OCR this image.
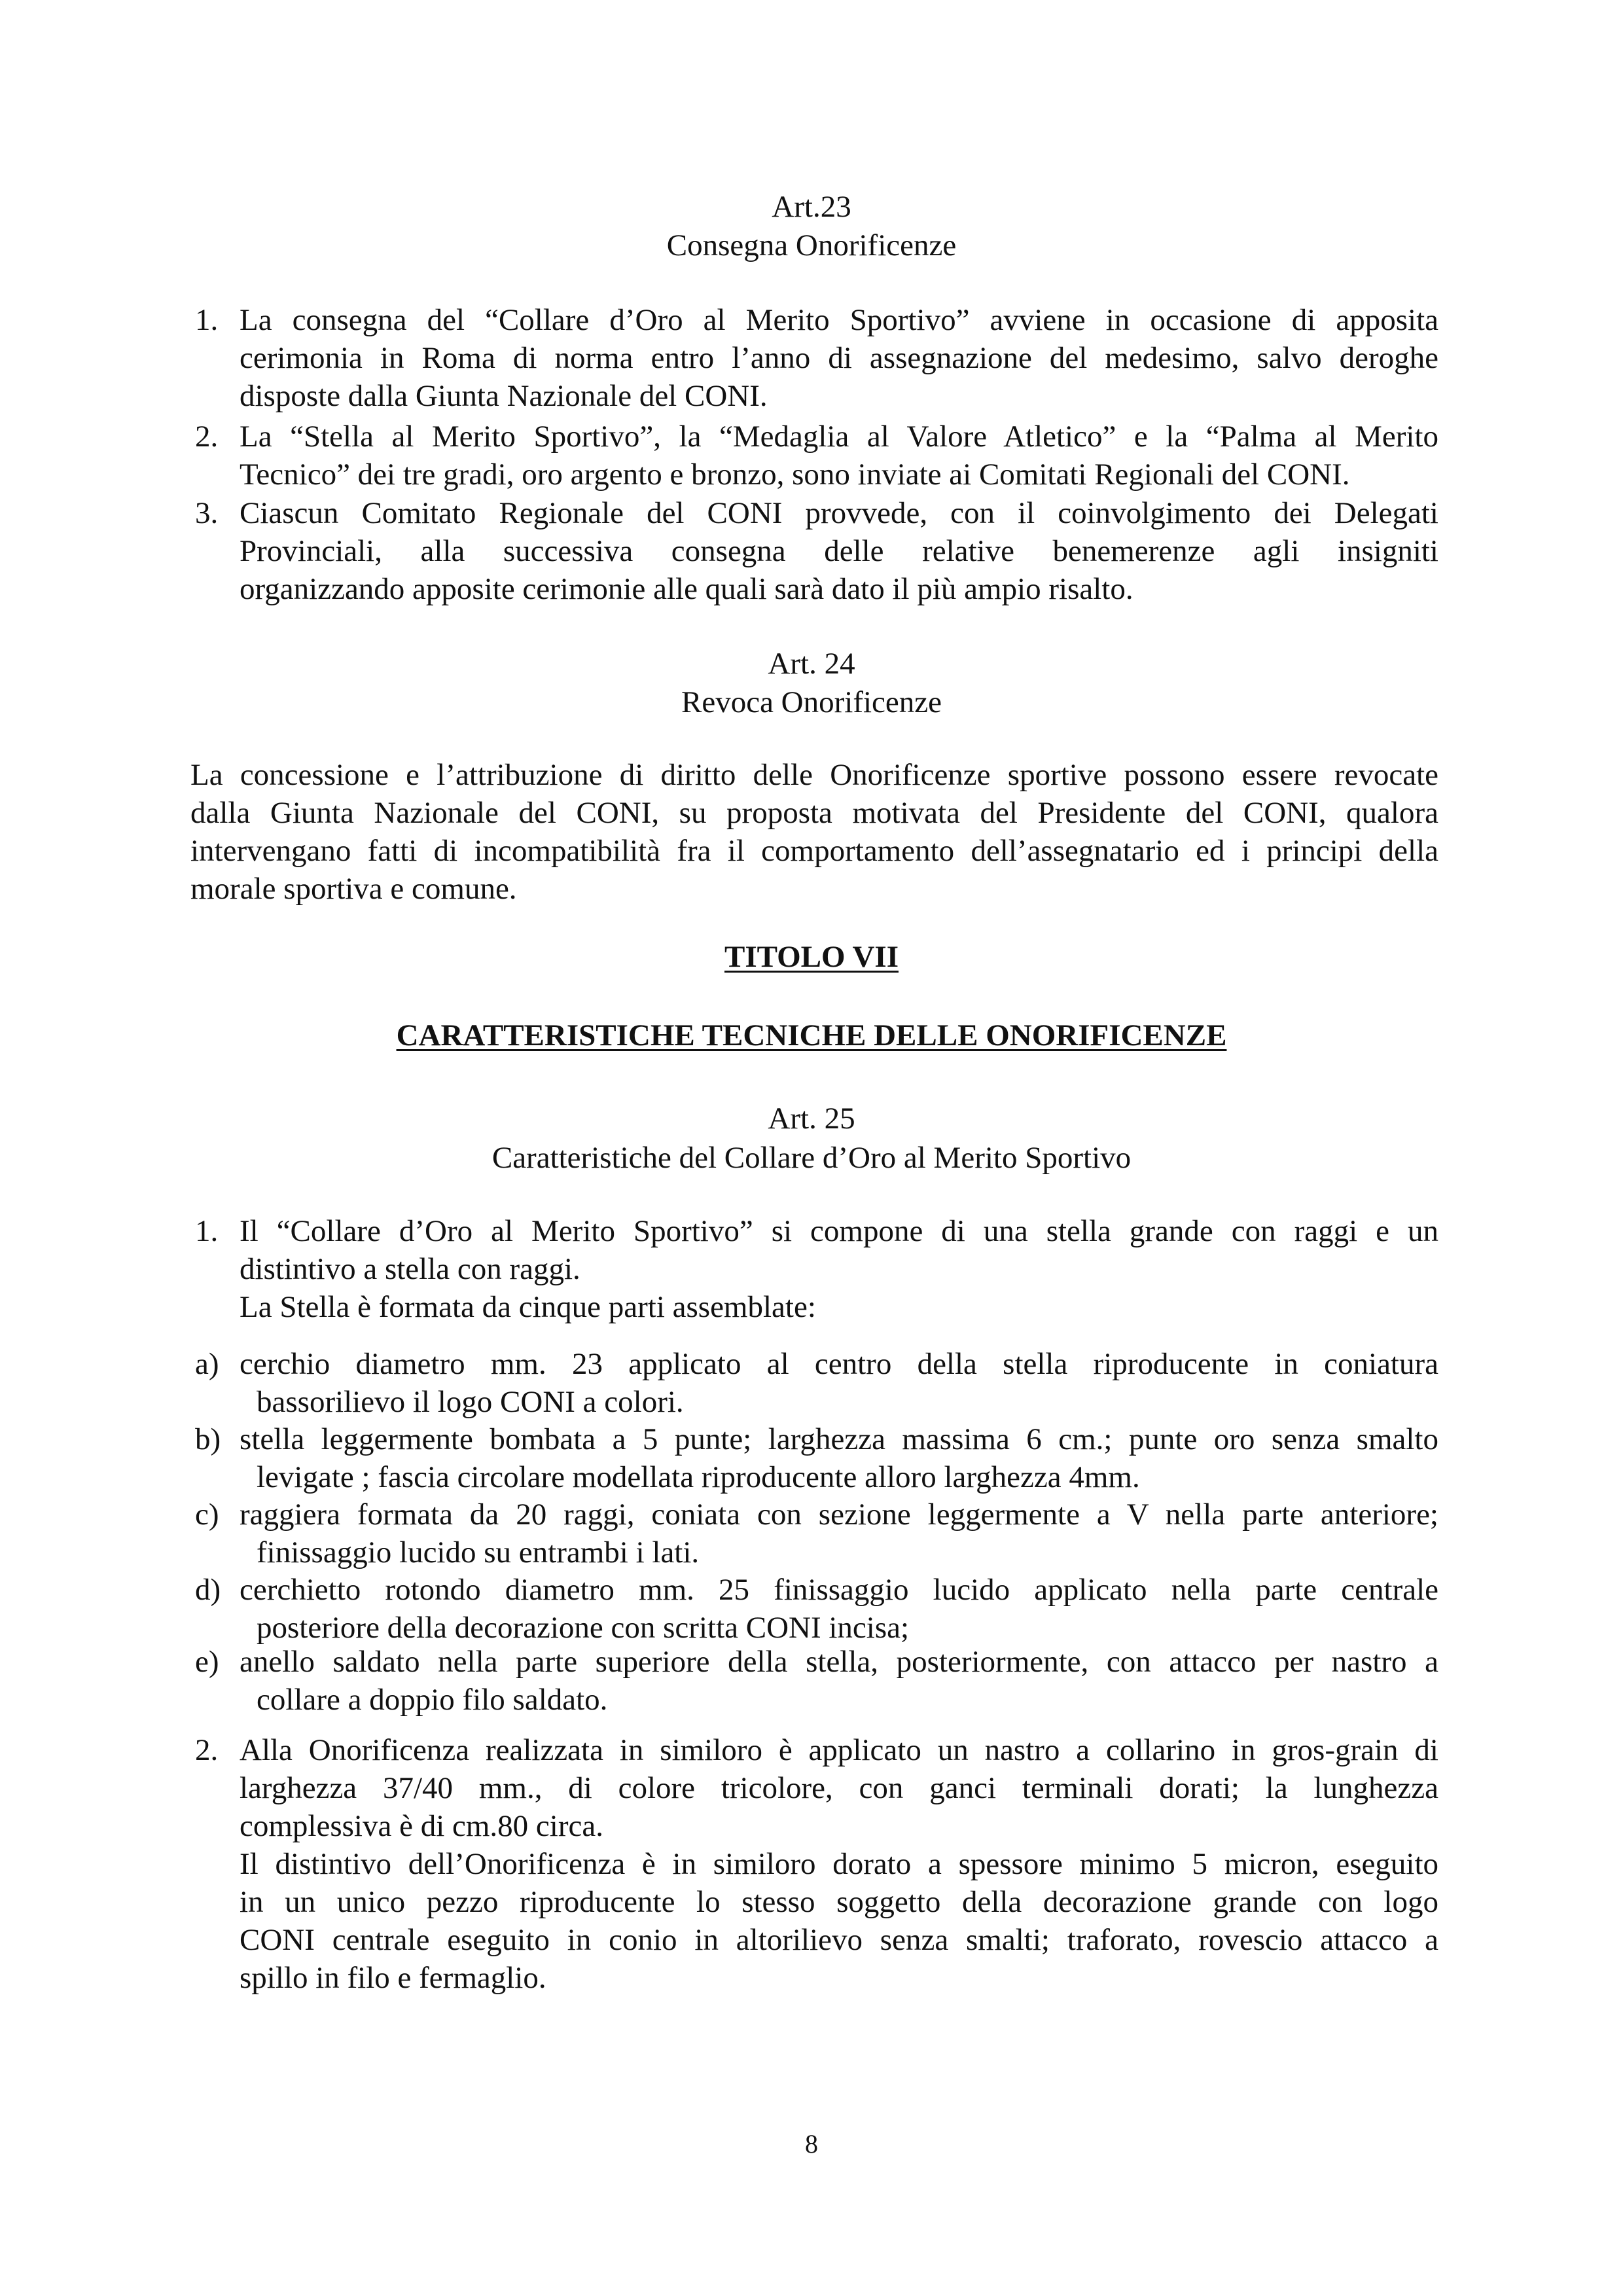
Art.23
Consegna Onorificenze
1. La consegna del “Collare d’Oro al Merito Sportivo” avviene in occasione di apposita
cerimonia in Roma di norma entro l’anno di assegnazione del medesimo, salvo deroghe
disposte dalla Giunta Nazionale del CONI.
2. La “Stella al Merito Sportivo”, la “Medaglia al Valore Atletico” e la “Palma al Merito
Tecnico” dei tre gradi, oro argento e bronzo, sono inviate ai Comitati Regionali del CONI.
3. Ciascun Comitato Regionale del CONI provvede, con il coinvolgimento dei Delegati
Provinciali, alla successiva consegna delle relative benemerenze agli insigniti
organizzando apposite cerimonie alle quali sarà dato il più ampio risalto.
Art. 24
Revoca Onorificenze
La concessione e l’attribuzione di diritto delle Onorificenze sportive possono essere revocate
dalla Giunta Nazionale del CONI, su proposta motivata del Presidente del CONI, qualora
intervengano fatti di incompatibilità fra il comportamento dell’assegnatario ed i principi della
morale sportiva e comune.
TITOLO VII
CARATTERISTICHE TECNICHE DELLE ONORIFICENZE
Art. 25
Caratteristiche del Collare d’Oro al Merito Sportivo
1. Il “Collare d’Oro al Merito Sportivo” si compone di una stella grande con raggi e un
distintivo a stella con raggi.
La Stella è formata da cinque parti assemblate:
a) cerchio diametro mm. 23 applicato al centro della stella riproducente in coniatura
bassorilievo il logo CONI a colori.
b) stella leggermente bombata a 5 punte; larghezza massima 6 cm.; punte oro senza smalto
levigate ; fascia circolare modellata riproducente alloro larghezza 4mm.
c) raggiera formata da 20 raggi, coniata con sezione leggermente a V nella parte anteriore;
finissaggio lucido su entrambi i lati.
d) cerchietto rotondo diametro mm. 25 finissaggio lucido applicato nella parte centrale
posteriore della decorazione con scritta CONI incisa;
e) anello saldato nella parte superiore della stella, posteriormente, con attacco per nastro a
collare a doppio filo saldato.
2. Alla Onorificenza realizzata in similoro è applicato un nastro a collarino in gros-grain di
larghezza 37/40 mm., di colore tricolore, con ganci terminali dorati; la lunghezza
complessiva è di cm.80 circa.
Il distintivo dell’Onorificenza è in similoro dorato a spessore minimo 5 micron, eseguito
in un unico pezzo riproducente lo stesso soggetto della decorazione grande con logo
CONI centrale eseguito in conio in altorilievo senza smalti; traforato, rovescio attacco a
spillo in filo e fermaglio.
8
